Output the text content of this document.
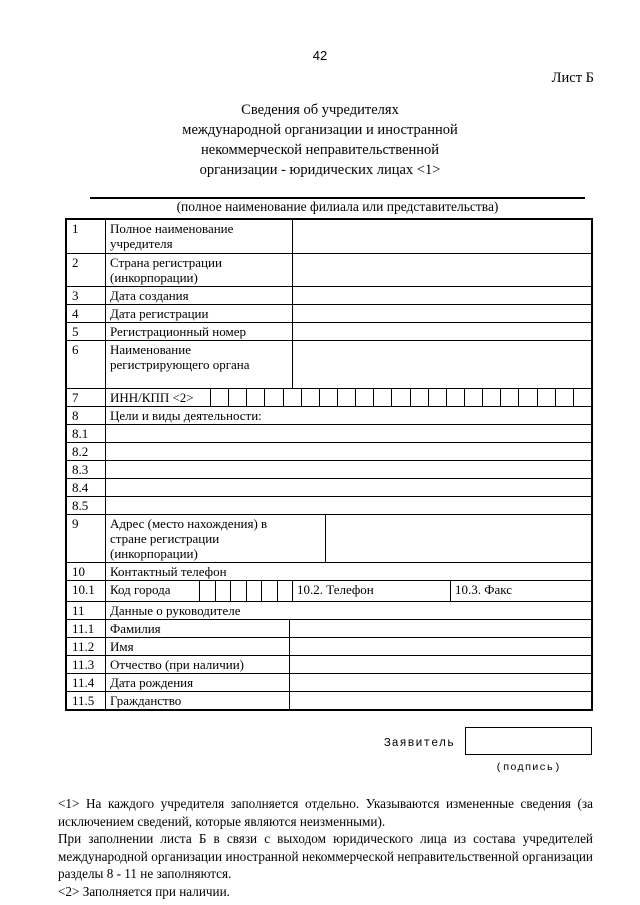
42
Лист Б
Сведения об учредителях
международной организации и иностранной
некоммерческой неправительственной
организации - юридических лицах <1>
(полное наименование филиала или представительства)
1	Полное наименование учредителя
2	Страна регистрации (инкорпорации)
3	Дата создания
4	Дата регистрации
5	Регистрационный номер
6	Наименование регистрирующего органа
7	ИНН/КПП <2>
8	Цели и виды деятельности:
8.1
8.2
8.3
8.4
8.5
9	Адрес (место нахождения) в стране регистрации (инкорпорации)
10	Контактный телефон
10.1	Код города	10.2. Телефон	10.3. Факс
11	Данные о руководителе
11.1	Фамилия
11.2	Имя
11.3	Отчество (при наличии)
11.4	Дата рождения
11.5	Гражданство
Заявитель
(подпись)

<1> На каждого учредителя заполняется отдельно. Указываются измененные сведения (за исключением сведений, которые являются неизменными).

При заполнении листа Б в связи с выходом юридического лица из состава учредителей международной организации иностранной некоммерческой неправительственной организации разделы 8 - 11 не заполняются.

<2> Заполняется при наличии.
